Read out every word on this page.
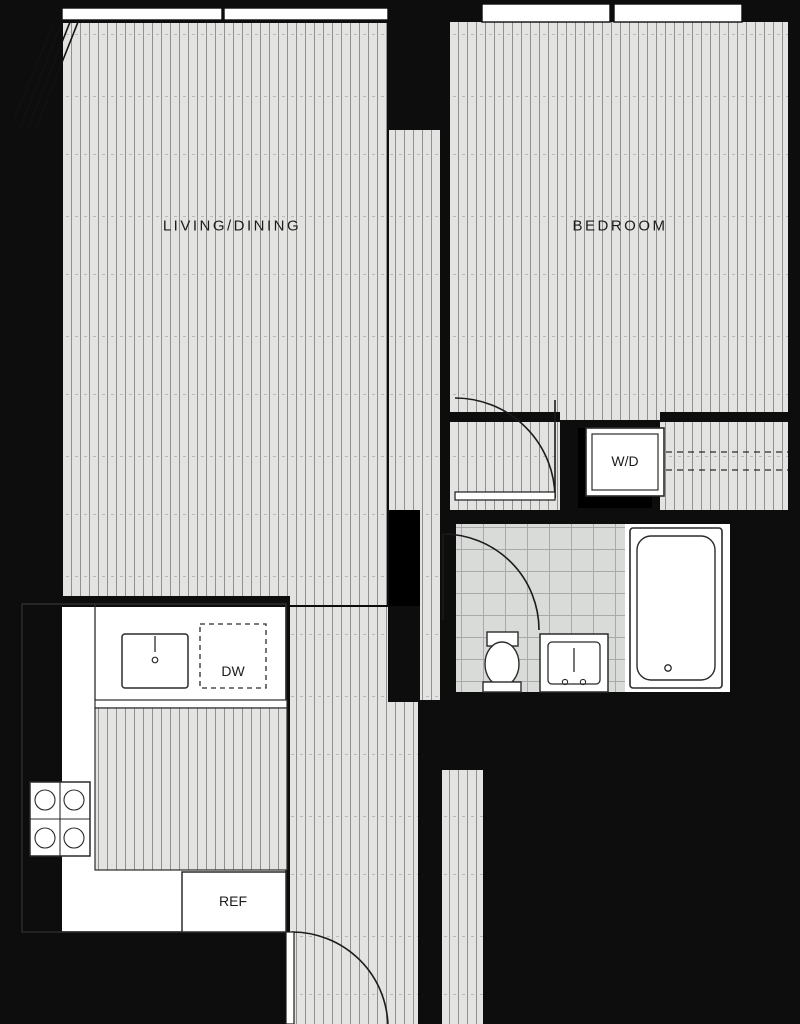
LIVING/DINING	BEDROOM
W/D
DW
REF
